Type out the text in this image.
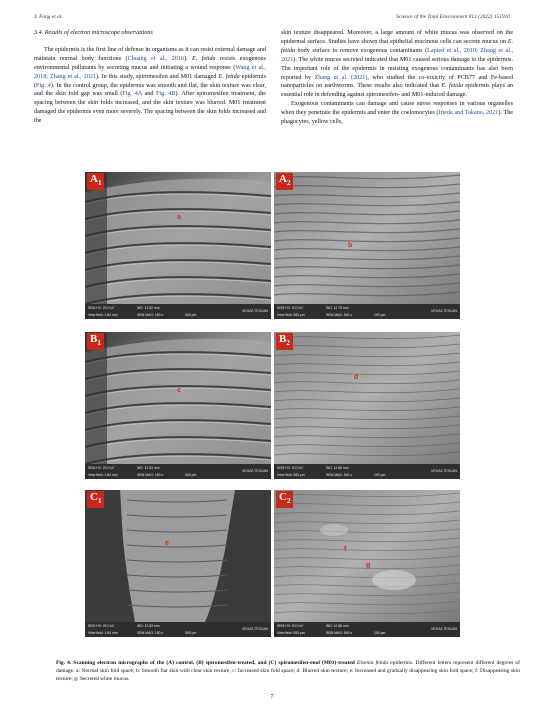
J. Fang et al.	Science of the Total Environment 813 (2022) 151910

3.4. Results of electron microscope observations

The epidermis is the first line of defense in organisms as it can resist external damage and maintain normal body functions (Chuang et al., 2016). E. fetida resists exogenous environmental pollutants by secreting mucus and initiating a wound response (Wang et al., 2018; Zhang et al., 2021). In this study, spiromesifen and M01 damaged E. fetida epidermis (Fig. 4). In the control group, the epidermis was smooth and flat, the skin texture was clear, and the skin fold gap was small (Fig. 4A and Fig. 4B). After spiromesifen treatment, the spacing between the skin folds increased, and the skin texture was blurred. M01 treatment damaged the epidermis even more severely. The spacing between the skin folds increased and the

skin texture disappeared. Moreover, a large amount of white mucus was observed on the epidermal surface. Studies have shown that epithelial mucinous cells can secrete mucus on E. fetida body surface to remove exogenous contaminants (Lapied et al., 2010; Zhang et al., 2021). The white mucus secreted indicated that M01 caused serious damage to the epidermis. The important role of the epidermis in resisting exogenous contaminants has also been reported by Zhang et al. (2021), who studied the co-toxicity of PCB77 and Fe-based nanoparticles on earthworms. These results also indicated that E. fetida epidermis plays an essential role in defending against spiromesifen- and M01-induced damage.

Exogenous contaminants can damage and cause stress responses in various organelles when they penetrate the epidermis and enter the coelomocytes (Irieda and Takano, 2021). The phagocytes, yellow cells,

$A_1$
a
SEM HV: 20.0 kV	WD: 12.82 mm
View field: 1.84 mm	SEM MAG: 150 x	500 μm
VEGA3 TESCAN
$A_2$
b
SEM HV: 20.0 kV	WD: 12.75 mm
View field: 553 μm	SEM MAG: 500 x	100 μm
VEGA3 TESCAN
$B_1$
c
SEM HV: 20.0 kV	WD: 12.83 mm
View field: 1.84 mm	SEM MAG: 150 x	500 μm
VEGA3 TESCAN
$B_2$
d
SEM HV: 20.0 kV	WD: 12.86 mm
View field: 553 μm	SEM MAG: 500 x	100 μm
VEGA3 TESCAN
$C_1$
e
SEM HV: 20.0 kV	WD: 12.83 mm
View field: 1.84 mm	SEM MAG: 150 x	500 μm
VEGA3 TESCAN
$C_2$
f
g
SEM HV: 20.0 kV	WD: 12.86 mm
View field: 553 μm	SEM MAG: 500 x	100 μm
VEGA3 TESCAN
Fig. 4. Scanning electron micrographs of the (A) control, (B) spiromesifen-treated, and (C) spiromesifen-enol (M01)-treated Eisenia fetida epidermis. Different letters represent different degrees of damage. a: Normal skin fold space; b: Smooth flat skin with clear skin texture; c: Increased skin fold space; d: Blurred skin texture; e: Increased and gradually disappearing skin fold space; f: Disappearing skin texture; g: Secreted white mucus.
7
